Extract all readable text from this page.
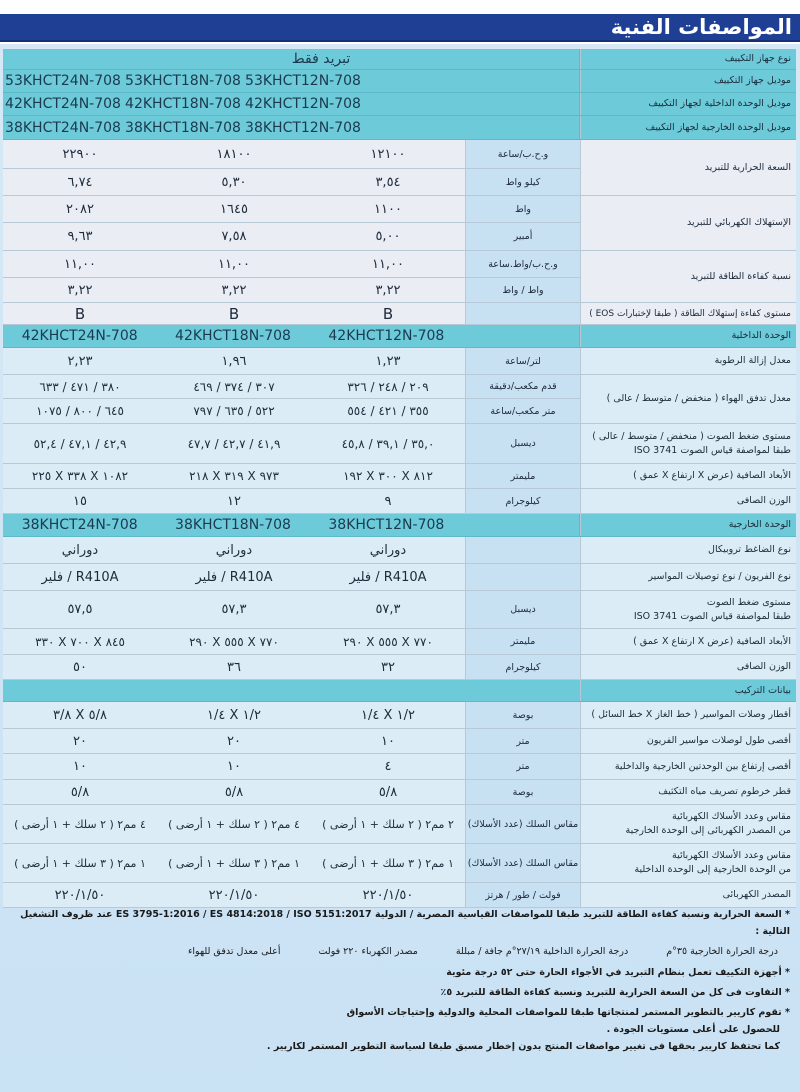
المواصفات الفنية
نوع جهاز التكييف
تبريد فقط
موديل جهاز التكييف
53KHCT12N-708
53KHCT18N-708
53KHCT24N-708
موديل الوحدة الداخلية لجهاز التكييف
42KHCT12N-708
42KHCT18N-708
42KHCT24N-708
موديل الوحدة الخارجية لجهاز التكييف
38KHCT12N-708
38KHCT18N-708
38KHCT24N-708
السعة الحرارية للتبريد
و.ح.ب/ساعة
١٢١٠٠
١٨١٠٠
٢٢٩٠٠
كيلو واط
٣,٥٤
٥,٣٠
٦,٧٤
الإستهلاك الكهربائي للتبريد
واط
١١٠٠
١٦٤٥
٢٠٨٢
أمبير
٥,٠٠
٧,٥٨
٩,٦٣
نسبة كفاءة الطاقة للتبريد
و.ح.ب/واط.ساعة
١١,٠٠
١١,٠٠
١١,٠٠
واط / واط
٣,٢٢
٣,٢٢
٣,٢٢
مستوى كفاءة إستهلاك الطاقة ( طبقا لإختبارات EOS )
B
B
B
الوحدة الداخلية
42KHCT12N-708
42KHCT18N-708
42KHCT24N-708
معدل إزالة الرطوبة
لتر/ساعة
١,٢٣
١,٩٦
٢,٢٣
معدل تدفق الهواء ( منخفض / متوسط / عالى )
قدم مكعب/دقيقة
٢٠٩ / ٢٤٨ / ٣٢٦
٣٠٧ / ٣٧٤ / ٤٦٩
٣٨٠ / ٤٧١ / ٦٣٣
متر مكعب/ساعة
٣٥٥ / ٤٢١ / ٥٥٤
٥٢٢ / ٦٣٥ / ٧٩٧
٦٤٥ / ٨٠٠ / ١٠٧٥
مستوى ضغط الصوت ( منخفض / متوسط / عالى )
طبقا لمواصفة قياس الصوت ISO 3741
ديسبل
٣٥,٠ / ٣٩,١ / ٤٥,٨
٤١,٩ / ٤٢,٧ / ٤٧,٧
٤٢,٩ / ٤٧,١ / ٥٢,٤
الأبعاد الصافية (عرض X ارتفاع X عمق )
مليمتر
٨١٢ X ٣٠٠ X ١٩٢
٩٧٣ X ٣١٩ X ٢١٨
١٠٨٢ X ٣٣٨ X ٢٢٥
الوزن الصافى
كيلوجرام
٩
١٢
١٥
الوحدة الخارجية
38KHCT12N-708
38KHCT18N-708
38KHCT24N-708
نوع الضاغط تروبيكال
دوراني
دوراني
دوراني
نوع الفريون / نوع توصيلات المواسير
R410A / فلير
R410A / فلير
R410A / فلير
مستوى ضغط الصوت
طبقا لمواصفة قياس الصوت ISO 3741
ديسبل
٥٧,٣
٥٧,٣
٥٧,٥
الأبعاد الصافية (عرض X ارتفاع X عمق )
مليمتر
٧٧٠ X ٥٥٥ X ٢٩٠
٧٧٠ X ٥٥٥ X ٢٩٠
٨٤٥ X ٧٠٠ X ٣٣٠
الوزن الصافى
كيلوجرام
٣٢
٣٦
٥٠
بيانات التركيب
أقطار وصلات المواسير ( خط الغاز X خط السائل )
بوصة
١/٢ X ١/٤
١/٢ X ١/٤
٥/٨ X ٣/٨
أقصى طول لوصلات مواسير الفريون
متر
١٠
٢٠
٢٠
أقصى إرتفاع بين الوحدتين الخارجية والداخلية
متر
٤
١٠
١٠
قطر خرطوم تصريف مياه التكثيف
بوصة
٥/٨
٥/٨
٥/٨
مقاس وعدد الأسلاك الكهربائية
من المصدر الكهربائى إلى الوحدة الخارجية
مقاس السلك (عدد الأسلاك)
٢ مم٢ ( ٢ سلك + ١ أرضى )
٤ مم٢ ( ٢ سلك + ١ أرضى )
٤ مم٢ ( ٢ سلك + ١ أرضى )
مقاس وعدد الأسلاك الكهربائية
من الوحدة الخارجية إلى الوحدة الداخلية
مقاس السلك (عدد الأسلاك)
١ مم٢ ( ٣ سلك + ١ أرضى )
١ مم٢ ( ٣ سلك + ١ أرضى )
١ مم٢ ( ٣ سلك + ١ أرضى )
المصدر الكهربائى
فولت / طور / هرتز
٢٢٠/١/٥٠
٢٢٠/١/٥٠
٢٢٠/١/٥٠
* السعة الحرارية ونسبة كفاءة الطاقة للتبريد طبقا للمواصفات القياسية المصرية / الدولية ES 3795-1:2016 / ES 4814:2018 / ISO 5151:2017 عند ظروف التشغيل التالية :
درجة الحرارة الخارجية ٣٥°م
درجة الحرارة الداخلية ٢٧/١٩°م جافة / مبللة
مصدر الكهرباء ٢٢٠ فولت
أعلى معدل تدفق للهواء
* أجهزة التكييف تعمل بنظام التبريد في الأجواء الحارة حتى ٥٢ درجة مئوية
* التفاوت فى كل من السعة الحرارية للتبريد ونسبة كفاءة الطاقة للتبريد ٥٪
* تقوم كاريير بالتطوير المستمر لمنتجاتها طبقا للمواصفات المحلية والدولية وإحتياجات الأسواق
للحصول على أعلى مستويات الجودة .
كما تحتفظ كاريير بحقها فى تغيير مواصفات المنتج بدون إخطار مسبق طبقا لسياسة التطوير المستمر لكاريير .
